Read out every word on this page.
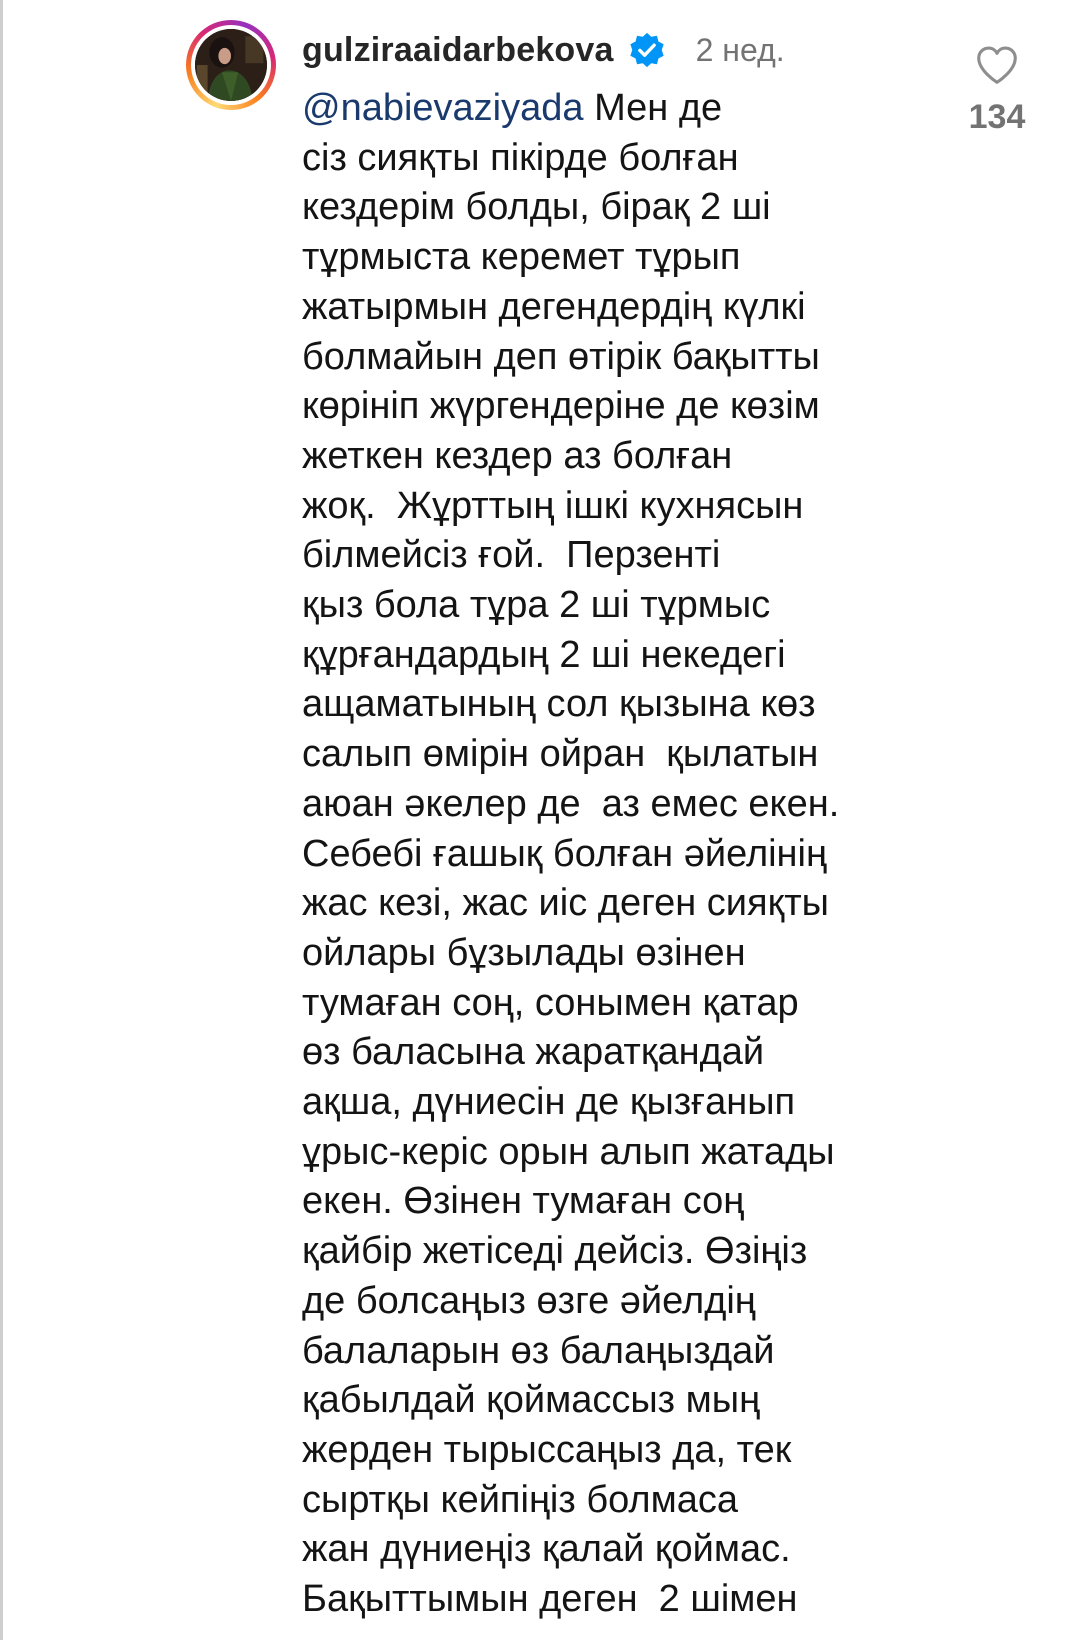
gulziraaidarbekova	2 нед.
@nabievaziyada Мен де
сіз сияқты пікірде болған
кездерім болды, бірақ 2 ші
тұрмыста керемет тұрып
жатырмын дегендердің күлкі
болмайын деп өтірік бақытты
көрініп жүргендеріне де көзім
жеткен кездер аз болған
жоқ.  Жұрттың ішкі кухнясын
білмейсіз ғой.  Перзенті
қыз бола тұра 2 ші тұрмыс
құрғандардың 2 ші некедегі
ащаматының сол қызына көз
салып өмірін ойран  қылатын
аюан әкелер де  аз емес екен.
Себебі ғашық болған әйелінің
жас кезі, жас иіс деген сияқты
ойлары бұзылады өзінен
тумаған соң, сонымен қатар
өз баласына жаратқандай
ақша, дүниесін де қызғанып
ұрыс-керіс орын алып жатады
екен. Өзінен тумаған соң
қайбір жетіседі дейсіз. Өзіңіз
де болсаңыз өзге әйелдің
балаларын өз балаңыздай
қабылдай қоймассыз мың
жерден тырыссаңыз да, тек
сыртқы кейпіңіз болмаса
жан дүниеңіз қалай қоймас.
Бақыттымын деген  2 шімен
134
